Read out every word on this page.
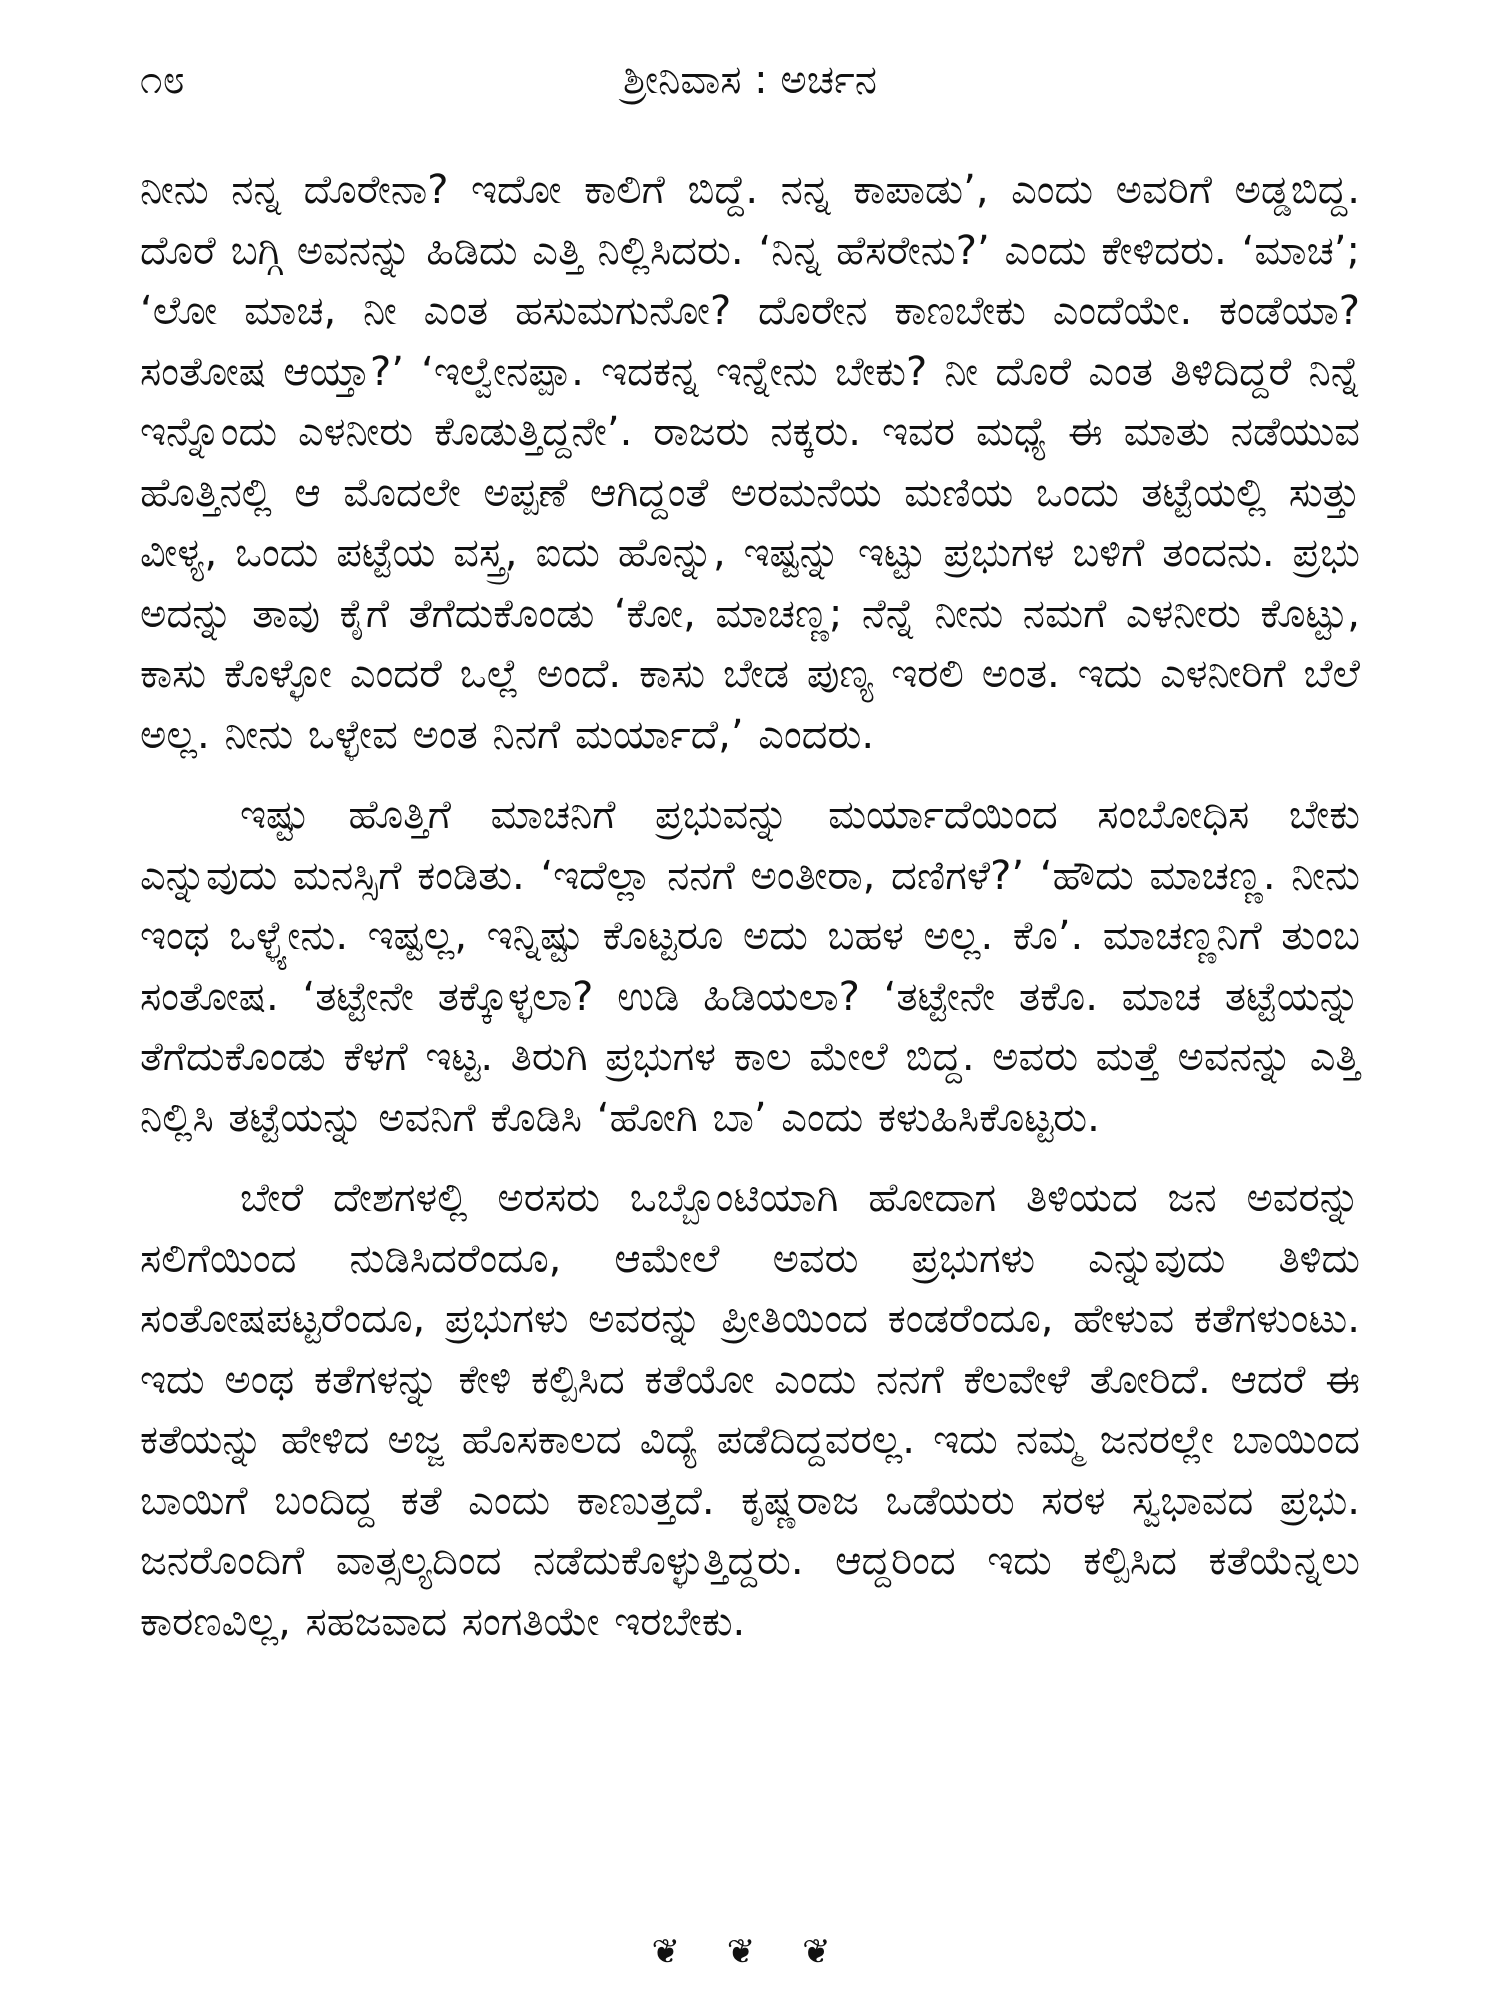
೧೮	ಶ್ರೀನಿವಾಸ : ಅರ್ಚನ

ನೀನು ನನ್ನ ದೊರೇನಾ? ಇದೋ ಕಾಲಿಗೆ ಬಿದ್ದೆ. ನನ್ನ ಕಾಪಾಡು’, ಎಂದು ಅವರಿಗೆ ಅಡ್ಡಬಿದ್ದ. ದೊರೆ ಬಗ್ಗಿ ಅವನನ್ನು ಹಿಡಿದು ಎತ್ತಿ ನಿಲ್ಲಿಸಿದರು. ‘ನಿನ್ನ ಹೆಸರೇನು?’ ಎಂದು ಕೇಳಿದರು. ‘ಮಾಚ’; ‘ಲೋ ಮಾಚ, ನೀ ಎಂತ ಹಸುಮಗುನೋ? ದೊರೇನ ಕಾಣಬೇಕು ಎಂದೆಯೇ. ಕಂಡೆಯಾ? ಸಂತೋಷ ಆಯ್ತಾ?’ ‘ಇಲ್ವೇನಪ್ಪಾ. ಇದಕನ್ನ ಇನ್ನೇನು ಬೇಕು? ನೀ ದೊರೆ ಎಂತ ತಿಳಿದಿದ್ದರೆ ನಿನ್ನೆ ಇನ್ನೊಂದು ಎಳನೀರು ಕೊಡುತ್ತಿದ್ದನೇ’. ರಾಜರು ನಕ್ಕರು. ಇವರ ಮಧ್ಯೆ ಈ ಮಾತು ನಡೆಯುವ ಹೊತ್ತಿನಲ್ಲಿ ಆ ಮೊದಲೇ ಅಪ್ಪಣೆ ಆಗಿದ್ದಂತೆ ಅರಮನೆಯ ಮಣಿಯ ಒಂದು ತಟ್ಟೆಯಲ್ಲಿ ಸುತ್ತು ವೀಳ್ಯ, ಒಂದು ಪಟ್ಟೆಯ ವಸ್ತ್ರ, ಐದು ಹೊನ್ನು, ಇಷ್ಟನ್ನು ಇಟ್ಟು ಪ್ರಭುಗಳ ಬಳಿಗೆ ತಂದನು. ಪ್ರಭು ಅದನ್ನು ತಾವು ಕೈಗೆ ತೆಗೆದುಕೊಂಡು ‘ಕೋ, ಮಾಚಣ್ಣ; ನೆನ್ನೆ ನೀನು ನಮಗೆ ಎಳನೀರು ಕೊಟ್ಟು, ಕಾಸು ಕೊಳ್ಳೋ ಎಂದರೆ ಒಲ್ಲೆ ಅಂದೆ. ಕಾಸು ಬೇಡ ಪುಣ್ಯ ಇರಲಿ ಅಂತ. ಇದು ಎಳನೀರಿಗೆ ಬೆಲೆ ಅಲ್ಲ. ನೀನು ಒಳ್ಳೇವ ಅಂತ ನಿನಗೆ ಮರ್ಯಾದೆ,’ ಎಂದರು.

ಇಷ್ಟು ಹೊತ್ತಿಗೆ ಮಾಚನಿಗೆ ಪ್ರಭುವನ್ನು ಮರ್ಯಾದೆಯಿಂದ ಸಂಬೋಧಿಸ ಬೇಕು ಎನ್ನುವುದು ಮನಸ್ಸಿಗೆ ಕಂಡಿತು. ‘ಇದೆಲ್ಲಾ ನನಗೆ ಅಂತೀರಾ, ದಣಿಗಳೆ?’ ‘ಹೌದು ಮಾಚಣ್ಣ. ನೀನು ಇಂಥ ಒಳ್ಳ್ಯೇನು. ಇಷ್ಟಲ್ಲ, ಇನ್ನಿಷ್ಟು ಕೊಟ್ಟರೂ ಅದು ಬಹಳ ಅಲ್ಲ. ಕೊ’. ಮಾಚಣ್ಣನಿಗೆ ತುಂಬ ಸಂತೋಷ. ‘ತಟ್ಟೇನೇ ತಕ್ಕೊಳ್ಳಲಾ? ಉಡಿ ಹಿಡಿಯಲಾ? ‘ತಟ್ಟೇನೇ ತಕೊ. ಮಾಚ ತಟ್ಟೆಯನ್ನು ತೆಗೆದುಕೊಂಡು ಕೆಳಗೆ ಇಟ್ಟ. ತಿರುಗಿ ಪ್ರಭುಗಳ ಕಾಲ ಮೇಲೆ ಬಿದ್ದ. ಅವರು ಮತ್ತೆ ಅವನನ್ನು ಎತ್ತಿ ನಿಲ್ಲಿಸಿ ತಟ್ಟೆಯನ್ನು ಅವನಿಗೆ ಕೊಡಿಸಿ ‘ಹೋಗಿ ಬಾ’ ಎಂದು ಕಳುಹಿಸಿಕೊಟ್ಟರು.

ಬೇರೆ ದೇಶಗಳಲ್ಲಿ ಅರಸರು ಒಬ್ಬೊಂಟಿಯಾಗಿ ಹೋದಾಗ ತಿಳಿಯದ ಜನ ಅವರನ್ನು ಸಲಿಗೆಯಿಂದ ನುಡಿಸಿದರೆಂದೂ, ಆಮೇಲೆ ಅವರು ಪ್ರಭುಗಳು ಎನ್ನುವುದು ತಿಳಿದು ಸಂತೋಷಪಟ್ಟರೆಂದೂ, ಪ್ರಭುಗಳು ಅವರನ್ನು ಪ್ರೀತಿಯಿಂದ ಕಂಡರೆಂದೂ, ಹೇಳುವ ಕತೆಗಳುಂಟು. ಇದು ಅಂಥ ಕತೆಗಳನ್ನು ಕೇಳಿ ಕಲ್ಪಿಸಿದ ಕತೆಯೋ ಎಂದು ನನಗೆ ಕೆಲವೇಳೆ ತೋರಿದೆ. ಆದರೆ ಈ ಕತೆಯನ್ನು ಹೇಳಿದ ಅಜ್ಜ ಹೊಸಕಾಲದ ವಿದ್ಯೆ ಪಡೆದಿದ್ದವರಲ್ಲ. ಇದು ನಮ್ಮ ಜನರಲ್ಲೇ ಬಾಯಿಂದ ಬಾಯಿಗೆ ಬಂದಿದ್ದ ಕತೆ ಎಂದು ಕಾಣುತ್ತದೆ. ಕೃಷ್ಣರಾಜ ಒಡೆಯರು ಸರಳ ಸ್ವಭಾವದ ಪ್ರಭು. ಜನರೊಂದಿಗೆ ವಾತ್ಸಲ್ಯದಿಂದ ನಡೆದುಕೊಳ್ಳುತ್ತಿದ್ದರು. ಆದ್ದರಿಂದ ಇದು ಕಲ್ಪಿಸಿದ ಕತೆಯೆನ್ನಲು ಕಾರಣವಿಲ್ಲ, ಸಹಜವಾದ ಸಂಗತಿಯೇ ಇರಬೇಕು.

❦ ❦ ❦
